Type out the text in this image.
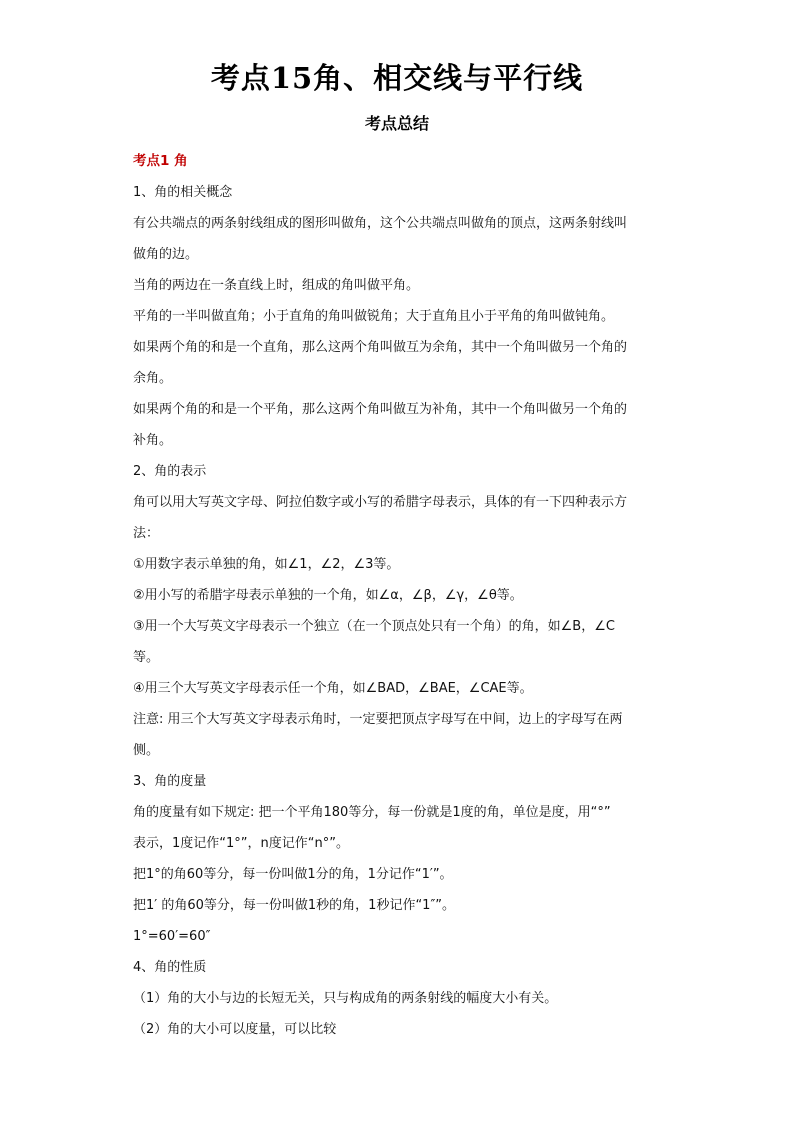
考点15角、相交线与平行线
考点总结
考点1 角
1、角的相关概念
有公共端点的两条射线组成的图形叫做角，这个公共端点叫做角的顶点，这两条射线叫
做角的边。
当角的两边在一条直线上时，组成的角叫做平角。
平角的一半叫做直角；小于直角的角叫做锐角；大于直角且小于平角的角叫做钝角。
如果两个角的和是一个直角，那么这两个角叫做互为余角，其中一个角叫做另一个角的
余角。
如果两个角的和是一个平角，那么这两个角叫做互为补角，其中一个角叫做另一个角的
补角。
2、角的表示
角可以用大写英文字母、阿拉伯数字或小写的希腊字母表示，具体的有一下四种表示方
法：
①用数字表示单独的角，如∠1，∠2，∠3等。
②用小写的希腊字母表示单独的一个角，如∠α，∠β，∠γ，∠θ等。
③用一个大写英文字母表示一个独立（在一个顶点处只有一个角）的角，如∠B，∠C
等。
④用三个大写英文字母表示任一个角，如∠BAD，∠BAE，∠CAE等。
注意: 用三个大写英文字母表示角时，一定要把顶点字母写在中间，边上的字母写在两
侧。
3、角的度量
角的度量有如下规定: 把一个平角180等分，每一份就是1度的角，单位是度，用“°”
表示，1度记作“1°”，n度记作“n°”。
把1°的角60等分，每一份叫做1分的角，1分记作“1′”。
把1′ 的角60等分，每一份叫做1秒的角，1秒记作“1″”。
1°=60′=60″
4、角的性质
（1）角的大小与边的长短无关，只与构成角的两条射线的幅度大小有关。
（2）角的大小可以度量，可以比较
